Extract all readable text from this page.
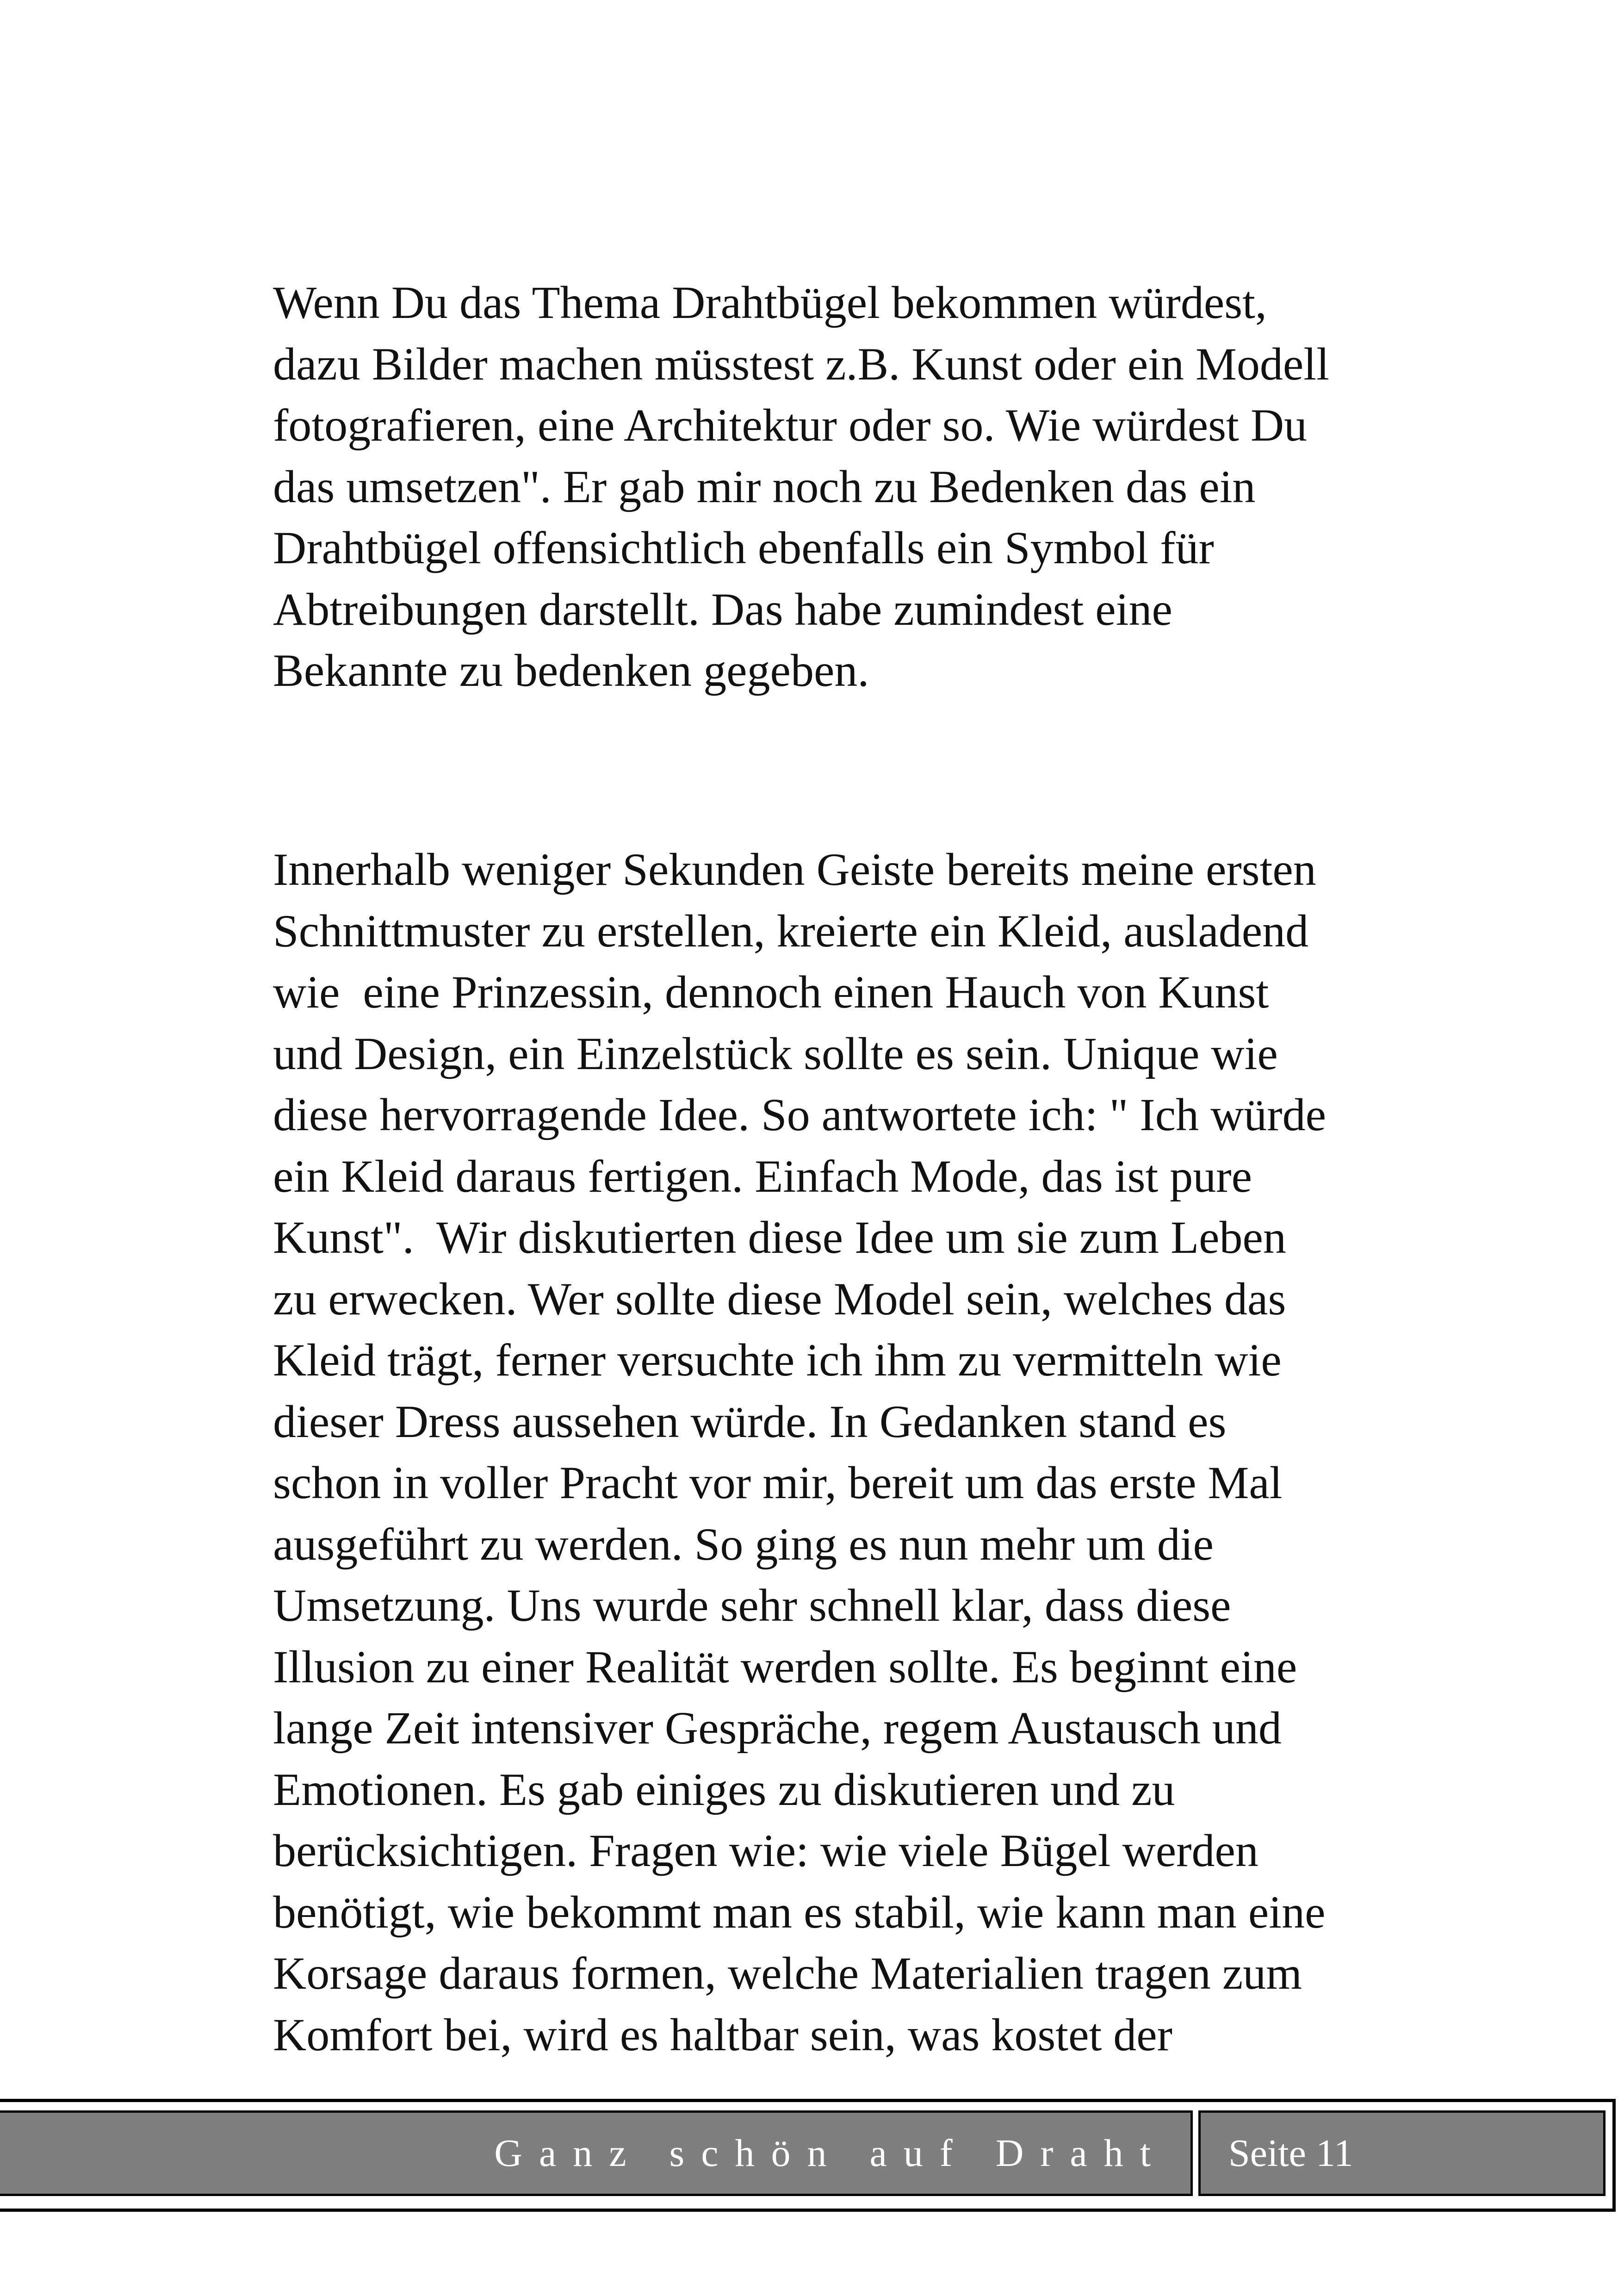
Wenn Du das Thema Drahtbügel bekommen würdest,
dazu Bilder machen müsstest z.B. Kunst oder ein Modell
fotografieren, eine Architektur oder so. Wie würdest Du
das umsetzen". Er gab mir noch zu Bedenken das ein
Drahtbügel offensichtlich ebenfalls ein Symbol für
Abtreibungen darstellt. Das habe zumindest eine
Bekannte zu bedenken gegeben.
Innerhalb weniger Sekunden Geiste bereits meine ersten
Schnittmuster zu erstellen, kreierte ein Kleid, ausladend
wie  eine Prinzessin, dennoch einen Hauch von Kunst
und Design, ein Einzelstück sollte es sein. Unique wie
diese hervorragende Idee. So antwortete ich: " Ich würde
ein Kleid daraus fertigen. Einfach Mode, das ist pure
Kunst".  Wir diskutierten diese Idee um sie zum Leben
zu erwecken. Wer sollte diese Model sein, welches das
Kleid trägt, ferner versuchte ich ihm zu vermitteln wie
dieser Dress aussehen würde. In Gedanken stand es
schon in voller Pracht vor mir, bereit um das erste Mal
ausgeführt zu werden. So ging es nun mehr um die
Umsetzung. Uns wurde sehr schnell klar, dass diese
Illusion zu einer Realität werden sollte. Es beginnt eine
lange Zeit intensiver Gespräche, regem Austausch und
Emotionen. Es gab einiges zu diskutieren und zu
berücksichtigen. Fragen wie: wie viele Bügel werden
benötigt, wie bekommt man es stabil, wie kann man eine
Korsage daraus formen, welche Materialien tragen zum
Komfort bei, wird es haltbar sein, was kostet der
Ganz schön auf Draht Seite 11
